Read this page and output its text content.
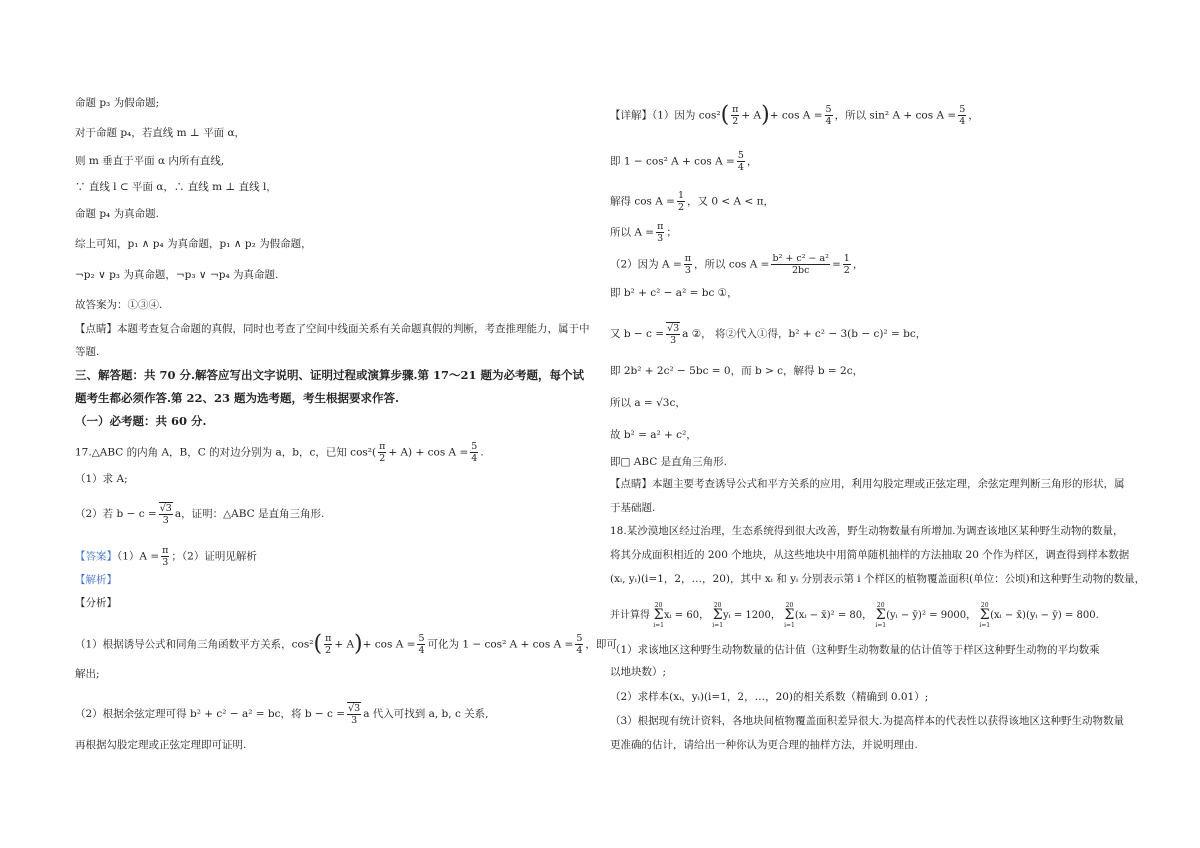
命题 p₃ 为假命题;
对于命题 p₄，若直线 m ⊥ 平面 α，
则 m 垂直于平面 α 内所有直线,
∵ 直线 l ⊂ 平面 α，∴ 直线 m ⊥ 直线 l，
命题 p₄ 为真命题.
综上可知，p₁ ∧ p₄ 为真命题，p₁ ∧ p₂ 为假命题，
¬p₂ ∨ p₃ 为真命题，¬p₃ ∨ ¬p₄ 为真命题.
故答案为：①③④.
【点睛】本题考查复合命题的真假，同时也考查了空间中线面关系有关命题真假的判断，考查推理能力，属于中
等题.
三、解答题：共 70 分.解答应写出文字说明、证明过程或演算步骤.第 17～21 题为必考题，每个试
题考生都必须作答.第 22、23 题为选考题，考生根据要求作答.
（一）必考题：共 60 分.
17.△ABC 的内角 A，B，C 的对边分别为 a，b，c，已知 $\cos^2( \frac{\pi}{2} + A) + \cos A = \frac{5}{4}$ .
（1）求 A;
（2）若 $b - c = \frac{√3}{3}$ a，证明：△ABC 是直角三角形.
【答案】$(1)A = \frac{\pi}{3}$ ；（2）证明见解析
【解析】
【分析】
（1）根据诱导公式和同角三角函数平方关系，$\cos^2( \frac{\pi}{2} + A)+ \cos A = \frac{5}{4}$ 可化为 1 − cos² $A + \cos A = \frac{5}{4}$ ，即可
解出;
（2）根据余弦定理可得 b² + c² − a² = bc，将 $b - c = \frac{√3}{3}$ a 代入可找到 a, b, c 关系,
再根据勾股定理或正弦定理即可证明.
【详解】（1）因为 $\cos^2( \frac{\pi}{2} + A)+ \cos A = \frac{5}{4}$ ，所以 sin² $A + \cos A = \frac{5}{4}$ ，
即 1 − cos² $A + \cos A = \frac{5}{4}$ ，
解得 $\cos A = \frac{1}{2}$ ，又 0 < A < π，
所以 $A = \frac{\pi}{3}$ ；
（2）因为 $A = \frac{\pi}{3}$ ，所以 $\cos A = \frac{\text{b² + c² − a²}}{2bc} = \frac{1}{2}$ ，
即 b² + c² − a² = bc ①，
又 $b - c = \frac{√3}{3}$ a ②， 将②代入①得，b² + c² − 3(b − c)² = bc，
即 2b² + 2c² − 5bc = 0，而 b > c，解得 b = 2c，
所以 a = √3c，
故 b² = a² + c²，
即□ ABC 是直角三角形.
【点睛】本题主要考查诱导公式和平方关系的应用，利用勾股定理或正弦定理，余弦定理判断三角形的形状，属
于基础题.
18.某沙漠地区经过治理，生态系统得到很大改善，野生动物数量有所增加.为调查该地区某种野生动物的数量，
将其分成面积相近的 200 个地块，从这些地块中用简单随机抽样的方法抽取 20 个作为样区，调查得到样本数据
(xᵢ, yᵢ)(i=1，2，…，20)，其中 xᵢ 和 yᵢ 分别表示第 i 个样区的植物覆盖面积(单位：公顷)和这种野生动物的数量，
并计算得 20
Σ
i=1xᵢ = 60， 20
Σ
i=1yᵢ = 1200， 20
Σ
i=1(xᵢ − x̄)² = 80， 20
Σ
i=1(yᵢ − ȳ)² = 9000， 20
Σ
i=1(xᵢ − x̄)(yᵢ − ȳ) = 800.
（1）求该地区这种野生动物数量的估计值（这种野生动物数量的估计值等于样区这种野生动物的平均数乘
以地块数）;
（2）求样本(xᵢ，yᵢ)(i=1，2，…，20)的相关系数（精确到 0.01）;
（3）根据现有统计资料，各地块间植物覆盖面积差异很大.为提高样本的代表性以获得该地区这种野生动物数量
更准确的估计，请给出一种你认为更合理的抽样方法，并说明理由.
